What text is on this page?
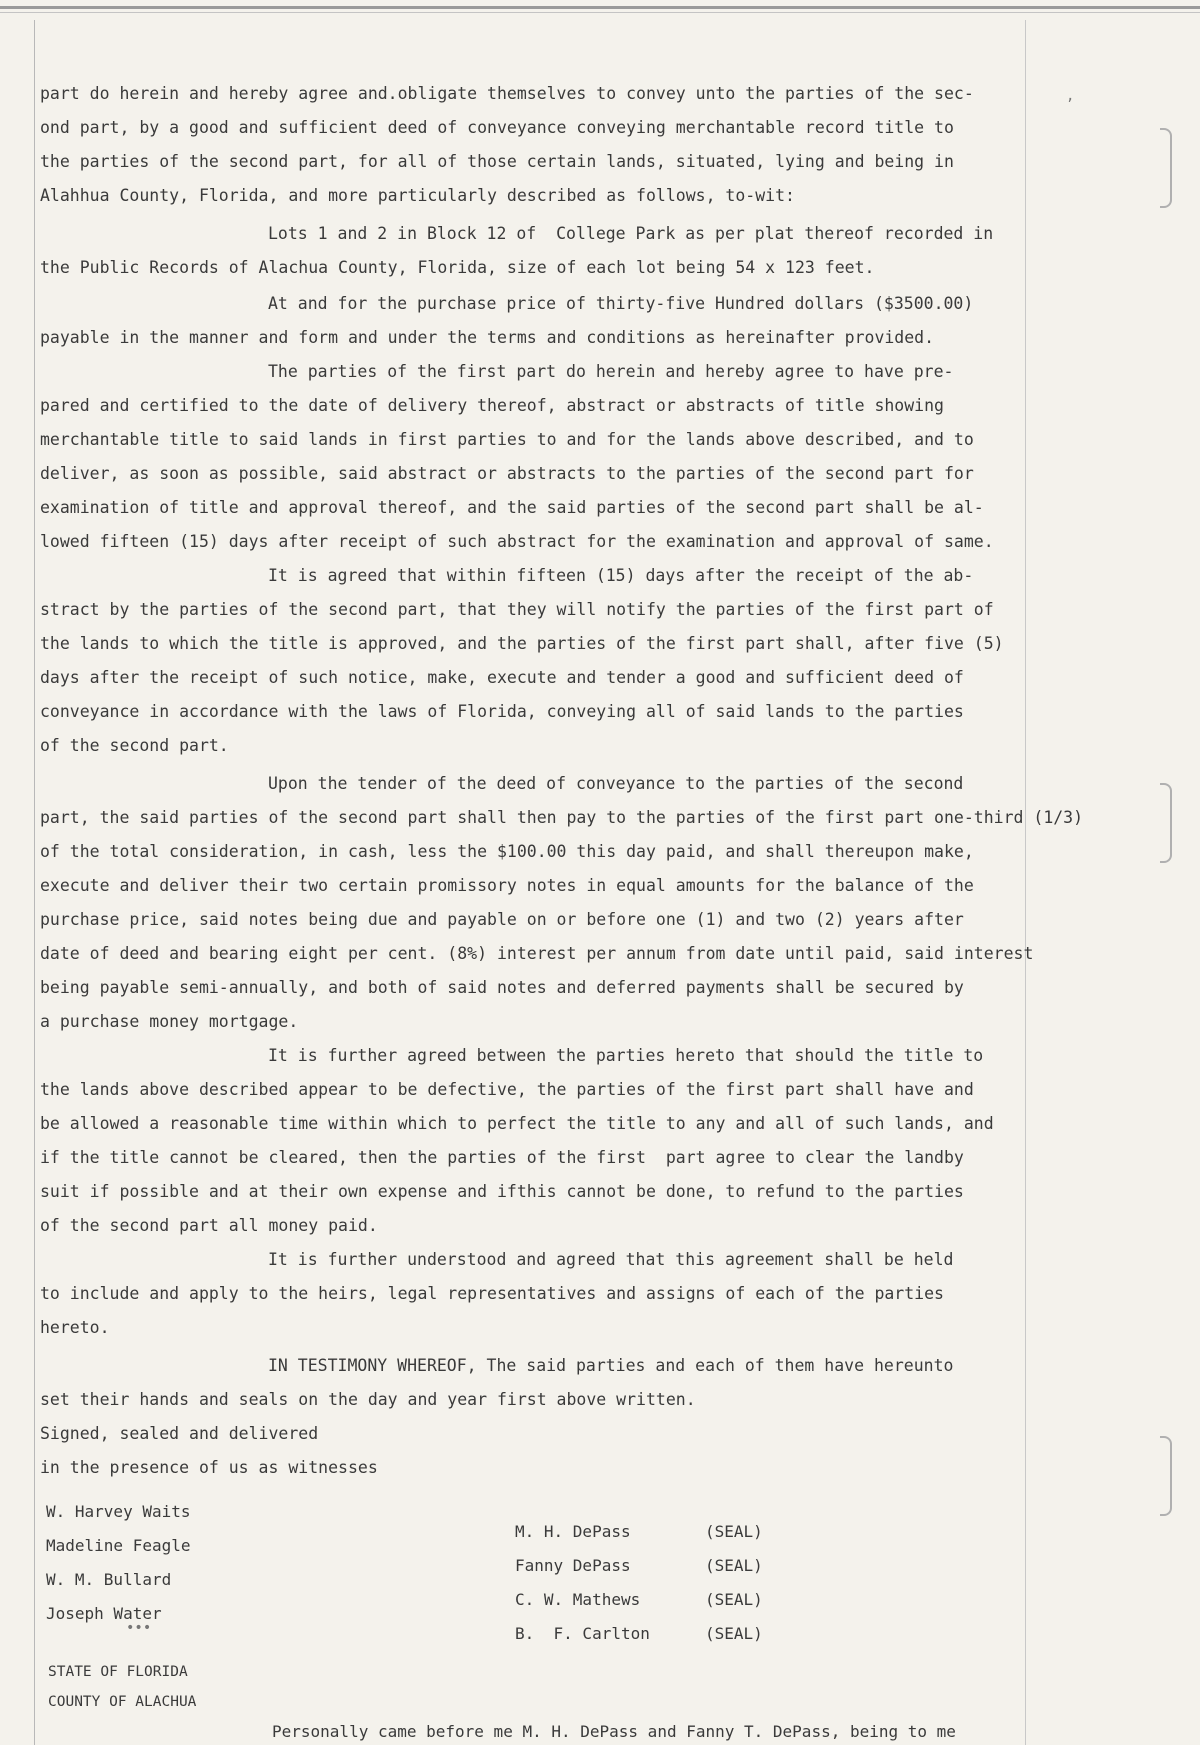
part do herein and hereby agree and.obligate themselves to convey unto the parties of the sec-
ond part, by a good and sufficient deed of conveyance conveying merchantable record title to
the parties of the second part, for all of those certain lands, situated, lying and being in
Alahhua County, Florida, and more particularly described as follows, to-wit:
Lots 1 and 2 in Block 12 of  College Park as per plat thereof recorded in
the Public Records of Alachua County, Florida, size of each lot being 54 x 123 feet.
At and for the purchase price of thirty-five Hundred dollars ($3500.00)
payable in the manner and form and under the terms and conditions as hereinafter provided.
The parties of the first part do herein and hereby agree to have pre-
pared and certified to the date of delivery thereof, abstract or abstracts of title showing
merchantable title to said lands in first parties to and for the lands above described, and to
deliver, as soon as possible, said abstract or abstracts to the parties of the second part for
examination of title and approval thereof, and the said parties of the second part shall be al-
lowed fifteen (15) days after receipt of such abstract for the examination and approval of same.
It is agreed that within fifteen (15) days after the receipt of the ab-
stract by the parties of the second part, that they will notify the parties of the first part of
the lands to which the title is approved, and the parties of the first part shall, after five (5)
days after the receipt of such notice, make, execute and tender a good and sufficient deed of
conveyance in accordance with the laws of Florida, conveying all of said lands to the parties
of the second part.
Upon the tender of the deed of conveyance to the parties of the second
part, the said parties of the second part shall then pay to the parties of the first part one-third (1/3)
of the total consideration, in cash, less the $100.00 this day paid, and shall thereupon make,
execute and deliver their two certain promissory notes in equal amounts for the balance of the
purchase price, said notes being due and payable on or before one (1) and two (2) years after
date of deed and bearing eight per cent. (8%) interest per annum from date until paid, said interest
being payable semi-annually, and both of said notes and deferred payments shall be secured by
a purchase money mortgage.
It is further agreed between the parties hereto that should the title to
the lands above described appear to be defective, the parties of the first part shall have and
be allowed a reasonable time within which to perfect the title to any and all of such lands, and
if the title cannot be cleared, then the parties of the first  part agree to clear the landby
suit if possible and at their own expense and ifthis cannot be done, to refund to the parties
of the second part all money paid.
It is further understood and agreed that this agreement shall be held
to include and apply to the heirs, legal representatives and assigns of each of the parties
hereto.
IN TESTIMONY WHEREOF, The said parties and each of them have hereunto
set their hands and seals on the day and year first above written.
Signed, sealed and delivered
in the presence of us as witnesses
W. Harvey Waits
Madeline Feagle
W. M. Bullard
Joseph Water
M. H. DePass	(SEAL)
Fanny DePass	(SEAL)
C. W. Mathews	(SEAL)
B.  F. Carlton	(SEAL)
STATE OF FLORIDA
COUNTY OF ALACHUA
Personally came before me M. H. DePass and Fanny T. DePass, being to me
,
•••
